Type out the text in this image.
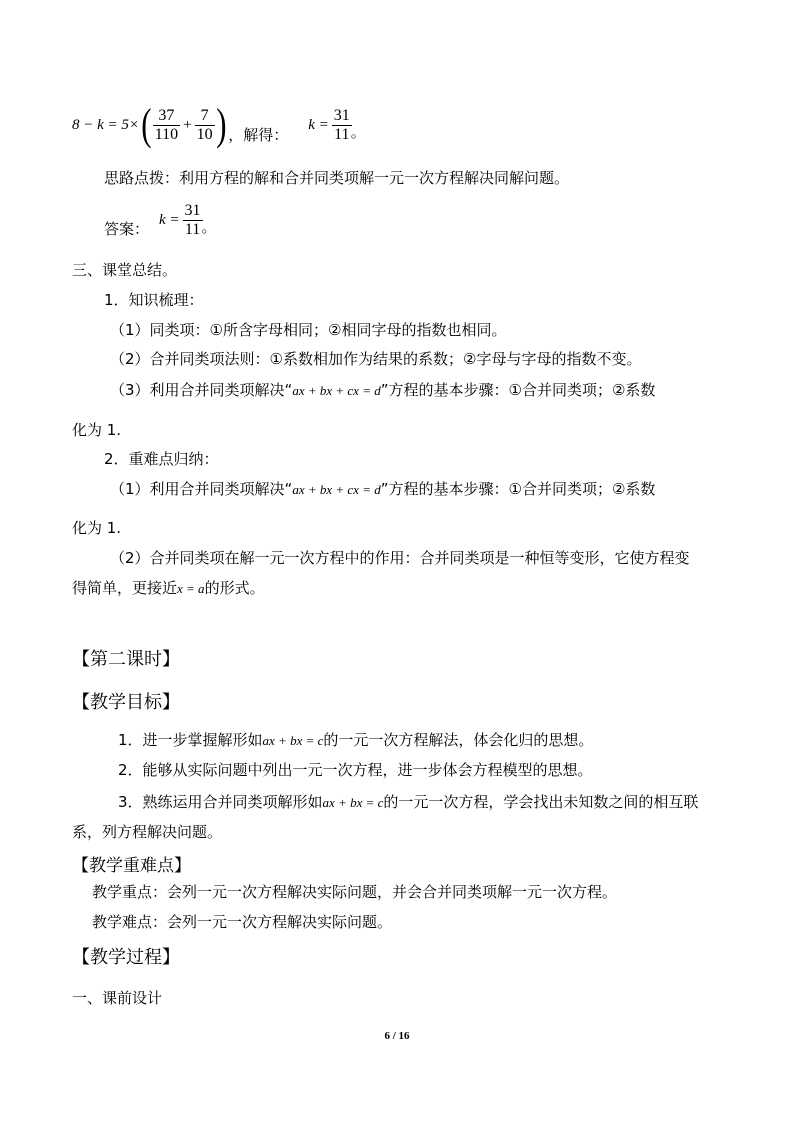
8 − k = 5× ( $\frac{37}{110} + \frac{7}{10}$ ) ，解得：
$k = \frac{31}{11}$ 。
思路点拨：利用方程的解和合并同类项解一元一次方程解决同解问题。
答案： $k = \frac{31}{11}$ 。
三、课堂总结。
1．知识梳理：
（1）同类项：①所含字母相同；②相同字母的指数也相同。
（2）合并同类项法则：①系数相加作为结果的系数；②字母与字母的指数不变。
（3）利用合并同类项解决“ax + bx + cx = d”方程的基本步骤：①合并同类项；②系数
化为 1.
2．重难点归纳：
（1）利用合并同类项解决“ax + bx + cx = d”方程的基本步骤：①合并同类项；②系数
化为 1.
（2）合并同类项在解一元一次方程中的作用：合并同类项是一种恒等变形，它使方程变
得简单，更接近x = a的形式。
【第二课时】
【教学目标】
1．进一步掌握解形如ax + bx = c的一元一次方程解法，体会化归的思想。
2．能够从实际问题中列出一元一次方程，进一步体会方程模型的思想。
3．熟练运用合并同类项解形如ax + bx = c的一元一次方程，学会找出未知数之间的相互联
系，列方程解决问题。
【教学重难点】
教学重点：会列一元一次方程解决实际问题，并会合并同类项解一元一次方程。
教学难点：会列一元一次方程解决实际问题。
【教学过程】
一、课前设计
6 / 16
